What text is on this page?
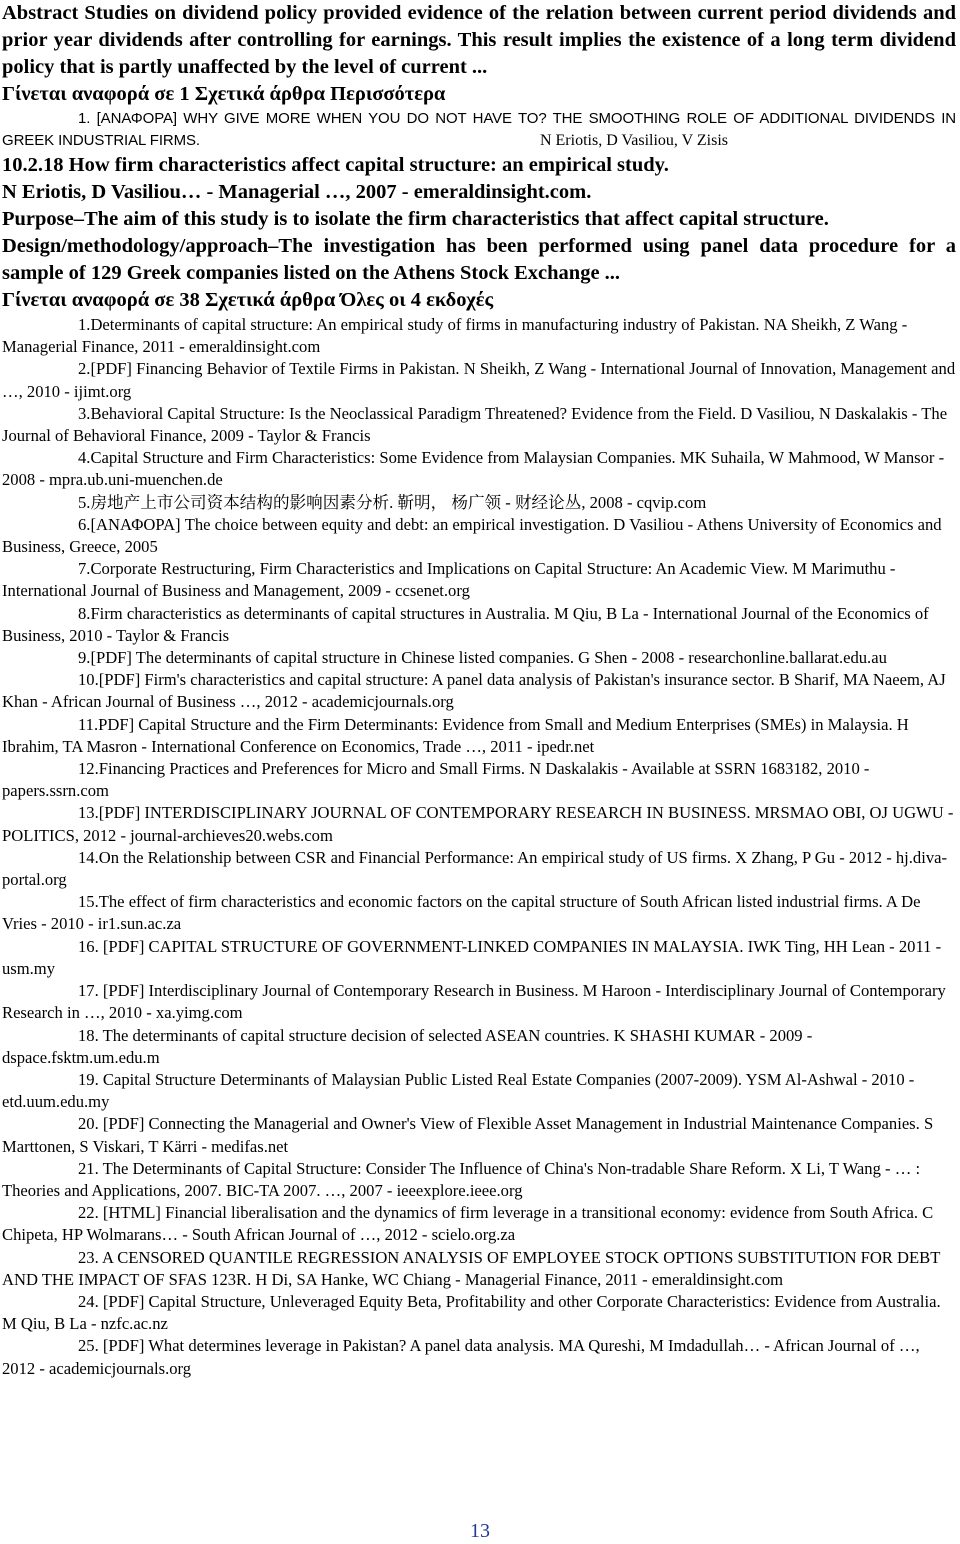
Abstract Studies on dividend policy provided evidence of the relation between current period dividends and prior year dividends after controlling for earnings. This result implies the existence of a long term dividend policy that is partly unaffected by the level of current ...

Γίνεται αναφορά σε 1 Σχετικά άρθρα Περισσότερα

1. [ΑΝΑΦΟΡΑ] WHY GIVE MORE WHEN YOU DO NOT HAVE TO? THE SMOOTHING ROLE OF ADDITIONAL DIVIDENDS IN GREEK INDUSTRIAL FIRMS.	N Eriotis, D Vasiliou, V Zisis

10.2.18 How firm characteristics affect capital structure: an empirical study.

N Eriotis, D Vasiliou… - Managerial …, 2007 - emeraldinsight.com.

Purpose–The aim of this study is to isolate the firm characteristics that affect capital structure.

Design/methodology/approach–The investigation has been performed using panel data procedure for a sample of 129 Greek companies listed on the Athens Stock Exchange ...

Γίνεται αναφορά σε 38 Σχετικά άρθρα Όλες οι 4 εκδοχές

1.Determinants of capital structure: An empirical study of firms in manufacturing industry of Pakistan. NA Sheikh, Z Wang - Managerial Finance, 2011 - emeraldinsight.com

2.[PDF] Financing Behavior of Textile Firms in Pakistan. N Sheikh, Z Wang - International Journal of Innovation, Management and …, 2010 - ijimt.org

3.Behavioral Capital Structure: Is the Neoclassical Paradigm Threatened? Evidence from the Field. D Vasiliou, N Daskalakis - The Journal of Behavioral Finance, 2009 - Taylor & Francis

4.Capital Structure and Firm Characteristics: Some Evidence from Malaysian Companies. MK Suhaila, W Mahmood, W Mansor - 2008 - mpra.ub.uni-muenchen.de

5.房地产上市公司资本结构的影响因素分析. 靳明， 杨广领 - 财经论丛, 2008 - cqvip.com

6.[ΑΝΑΦΟΡΑ] The choice between equity and debt: an empirical investigation. D Vasiliou - Athens University of Economics and Business, Greece, 2005

7.Corporate Restructuring, Firm Characteristics and Implications on Capital Structure: An Academic View. M Marimuthu - International Journal of Business and Management, 2009 - ccsenet.org

8.Firm characteristics as determinants of capital structures in Australia. M Qiu, B La - International Journal of the Economics of Business, 2010 - Taylor & Francis

9.[PDF] The determinants of capital structure in Chinese listed companies. G Shen - 2008 - researchonline.ballarat.edu.au

10.[PDF] Firm's characteristics and capital structure: A panel data analysis of Pakistan's insurance sector. B Sharif, MA Naeem, AJ Khan - African Journal of Business …, 2012 - academicjournals.org

11.PDF] Capital Structure and the Firm Determinants: Evidence from Small and Medium Enterprises (SMEs) in Malaysia. H Ibrahim, TA Masron - International Conference on Economics, Trade …, 2011 - ipedr.net

12.Financing Practices and Preferences for Micro and Small Firms. N Daskalakis - Available at SSRN 1683182, 2010 - papers.ssrn.com

13.[PDF] INTERDISCIPLINARY JOURNAL OF CONTEMPORARY RESEARCH IN BUSINESS. MRSMAO OBI, OJ UGWU - POLITICS, 2012 - journal-archieves20.webs.com

14.On the Relationship between CSR and Financial Performance: An empirical study of US firms. X Zhang, P Gu - 2012 - hj.diva-portal.org

15.The effect of firm characteristics and economic factors on the capital structure of South African listed industrial firms. A De Vries - 2010 - ir1.sun.ac.za

16. [PDF] CAPITAL STRUCTURE OF GOVERNMENT-LINKED COMPANIES IN MALAYSIA. IWK Ting, HH Lean - 2011 - usm.my

17. [PDF] Interdisciplinary Journal of Contemporary Research in Business. M Haroon - Interdisciplinary Journal of Contemporary Research in …, 2010 - xa.yimg.com

18. The determinants of capital structure decision of selected ASEAN countries. K SHASHI KUMAR - 2009 - dspace.fsktm.um.edu.m

19. Capital Structure Determinants of Malaysian Public Listed Real Estate Companies (2007-2009). YSM Al-Ashwal - 2010 - etd.uum.edu.my

20. [PDF] Connecting the Managerial and Owner's View of Flexible Asset Management in Industrial Maintenance Companies. S Marttonen, S Viskari, T Kärri - medifas.net

21. The Determinants of Capital Structure: Consider The Influence of China's Non-tradable Share Reform. X Li, T Wang - … : Theories and Applications, 2007. BIC-TA 2007. …, 2007 - ieeexplore.ieee.org

22. [HTML] Financial liberalisation and the dynamics of firm leverage in a transitional economy: evidence from South Africa. C Chipeta, HP Wolmarans… - South African Journal of …, 2012 - scielo.org.za

23. A CENSORED QUANTILE REGRESSION ANALYSIS OF EMPLOYEE STOCK OPTIONS SUBSTITUTION FOR DEBT AND THE IMPACT OF SFAS 123R. H Di, SA Hanke, WC Chiang - Managerial Finance, 2011 - emeraldinsight.com

24. [PDF] Capital Structure, Unleveraged Equity Beta, Profitability and other Corporate Characteristics: Evidence from Australia. M Qiu, B La - nzfc.ac.nz

25. [PDF] What determines leverage in Pakistan? A panel data analysis. MA Qureshi, M Imdadullah… - African Journal of …, 2012 - academicjournals.org

13
